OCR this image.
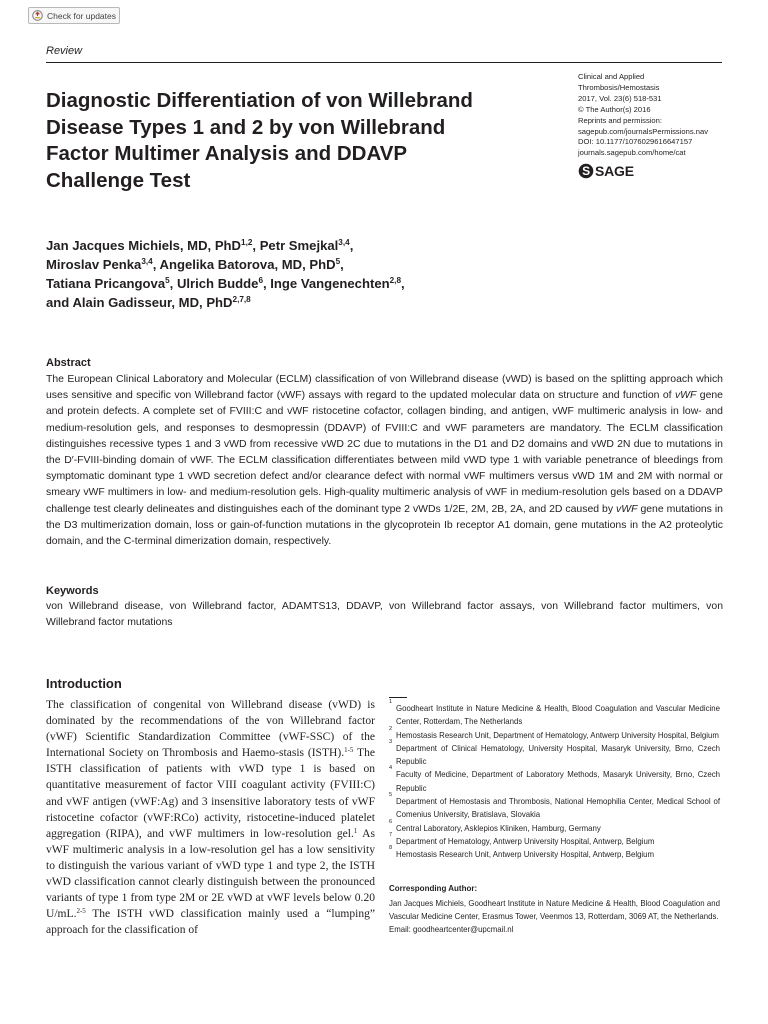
Check for updates
Review
Diagnostic Differentiation of von Willebrand Disease Types 1 and 2 by von Willebrand Factor Multimer Analysis and DDAVP Challenge Test
Clinical and Applied
Thrombosis/Hemostasis
2017, Vol. 23(6) 518-531
© The Author(s) 2016
Reprints and permission:
sagepub.com/journalsPermissions.nav
DOI: 10.1177/1076029616647157
journals.sagepub.com/home/cat
S SAGE
Jan Jacques Michiels, MD, PhD$^{1,2}$, Petr Smejkal$^{3,4}$,
Miroslav Penka$^{3,4}$, Angelika Batorova, MD, PhD$^5$,
Tatiana Pricangova$^5$, Ulrich Budde$^6$, Inge Vangenechten$^{2,8}$,
and Alain Gadisseur, MD, PhD$^{2,7,8}$
Abstract
The European Clinical Laboratory and Molecular (ECLM) classification of von Willebrand disease (vWD) is based on the splitting approach which uses sensitive and specific von Willebrand factor (vWF) assays with regard to the updated molecular data on structure and function of vWF gene and protein defects. A complete set of FVIII:C and vWF ristocetine cofactor, collagen binding, and antigen, vWF multimeric analysis in low- and medium-resolution gels, and responses to desmopressin (DDAVP) of FVIII:C and vWF parameters are mandatory. The ECLM classification distinguishes recessive types 1 and 3 vWD from recessive vWD 2C due to mutations in the D1 and D2 domains and vWD 2N due to mutations in the D′-FVIII-binding domain of vWF. The ECLM classification differentiates between mild vWD type 1 with variable penetrance of bleedings from symptomatic dominant type 1 vWD secretion defect and/or clearance defect with normal vWF multimers versus vWD 1M and 2M with normal or smeary vWF multimers in low- and medium-resolution gels. High-quality multimeric analysis of vWF in medium-resolution gels based on a DDAVP challenge test clearly delineates and distinguishes each of the dominant type 2 vWDs 1/2E, 2M, 2B, 2A, and 2D caused by vWF gene mutations in the D3 multimerization domain, loss or gain-of-function mutations in the glycoprotein Ib receptor A1 domain, gene mutations in the A2 proteolytic domain, and the C-terminal dimerization domain, respectively.
Keywords
von Willebrand disease, von Willebrand factor, ADAMTS13, DDAVP, von Willebrand factor assays, von Willebrand factor multimers, von Willebrand factor mutations
Introduction
The classification of congenital von Willebrand disease (vWD) is dominated by the recommendations of the von Willebrand factor (vWF) Scientific Standardization Committee (vWF-SSC) of the International Society on Thrombosis and Haemo-stasis (ISTH).$^{1-5}$ The ISTH classification of patients with vWD type 1 is based on quantitative measurement of factor VIII coagulant activity (FVIII:C) and vWF antigen (vWF:Ag) and 3 insensitive laboratory tests of vWF ristocetine cofactor (vWF:RCo) activity, ristocetine-induced platelet aggregation (RIPA), and vWF multimers in low-resolution gel.$^1$ As vWF multimeric analysis in a low-resolution gel has a low sensitivity to distinguish the various variant of vWD type 1 and type 2, the ISTH vWD classification cannot clearly distinguish between the pronounced variants of type 1 from type 2M or 2E vWD at vWF levels below 0.20 U/mL.$^{2-5}$ The ISTH vWD classification mainly used a “lumping” approach for the classification of
1
Goodheart Institute in Nature Medicine & Health, Blood Coagulation and Vascular Medicine Center, Rotterdam, The Netherlands
2
Hemostasis Research Unit, Department of Hematology, Antwerp University Hospital, Belgium
3
Department of Clinical Hematology, University Hospital, Masaryk University, Brno, Czech Republic
4
Faculty of Medicine, Department of Laboratory Methods, Masaryk University, Brno, Czech Republic
5
Department of Hemostasis and Thrombosis, National Hemophilia Center, Medical School of Comenius University, Bratislava, Slovakia
6
Central Laboratory, Asklepios Kliniken, Hamburg, Germany
7
Department of Hematology, Antwerp University Hospital, Antwerp, Belgium
8
Hemostasis Research Unit, Antwerp University Hospital, Antwerp, Belgium
Corresponding Author:
Jan Jacques Michiels, Goodheart Institute in Nature Medicine & Health, Blood Coagulation and Vascular Medicine Center, Erasmus Tower, Veenmos 13, Rotterdam, 3069 AT, the Netherlands.
Email: goodheartcenter@upcmail.nl
